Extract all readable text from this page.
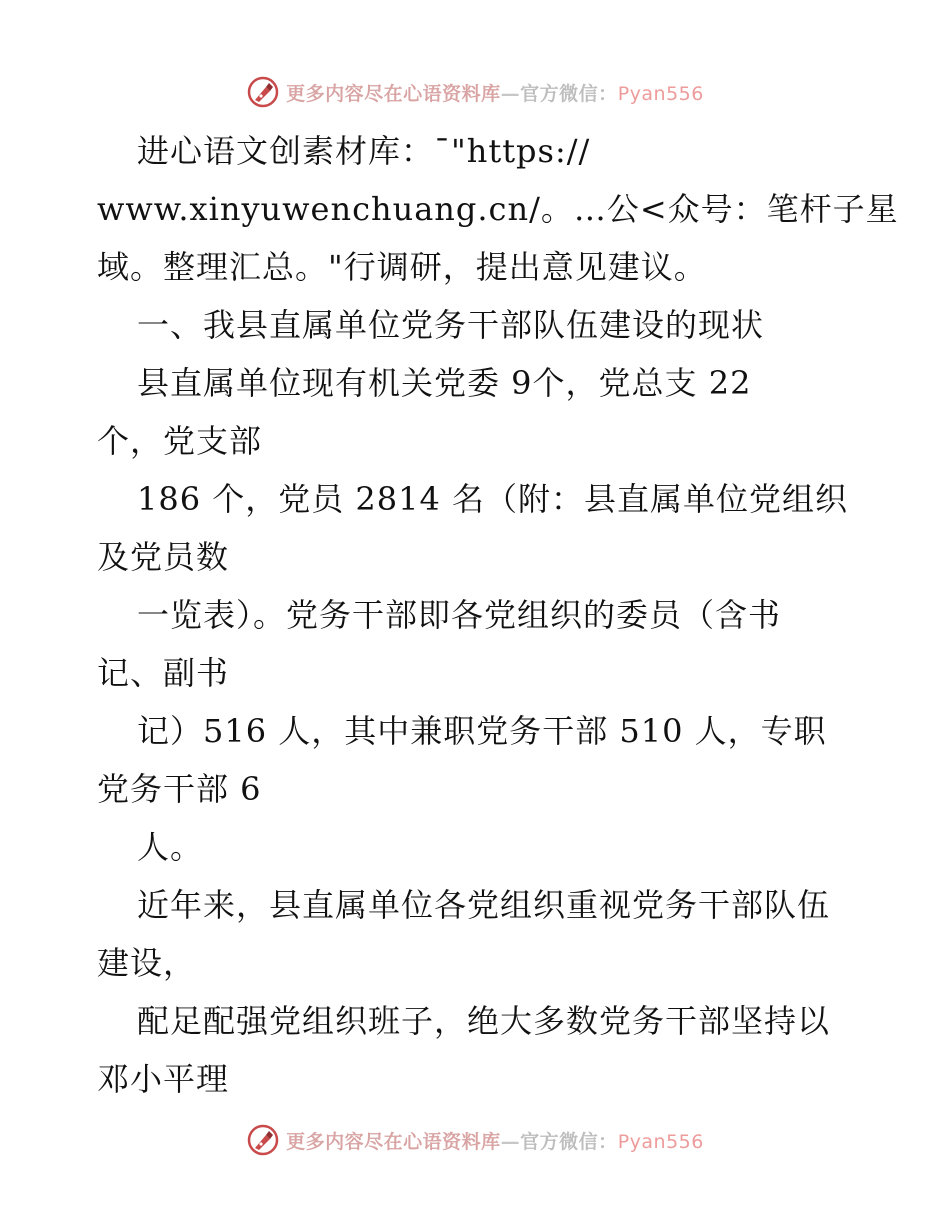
更多内容尽在心语资料库—官方微信：Pyan556
进心语文创素材库：¯"https://
www.xinyuwenchuang.cn/。…公<众号：笔杆子星
域。整理汇总。"行调研，提出意见建议。
一、我县直属单位党务干部队伍建设的现状
县直属单位现有机关党委 9个，党总支 22
个，党支部
186 个，党员 2814 名（附：县直属单位党组织
及党员数
一览表）。党务干部即各党组织的委员（含书
记、副书
记）516 人，其中兼职党务干部 510 人，专职
党务干部 6
人。
近年来，县直属单位各党组织重视党务干部队伍
建设，
配足配强党组织班子，绝大多数党务干部坚持以
邓小平理
更多内容尽在心语资料库—官方微信：Pyan556
